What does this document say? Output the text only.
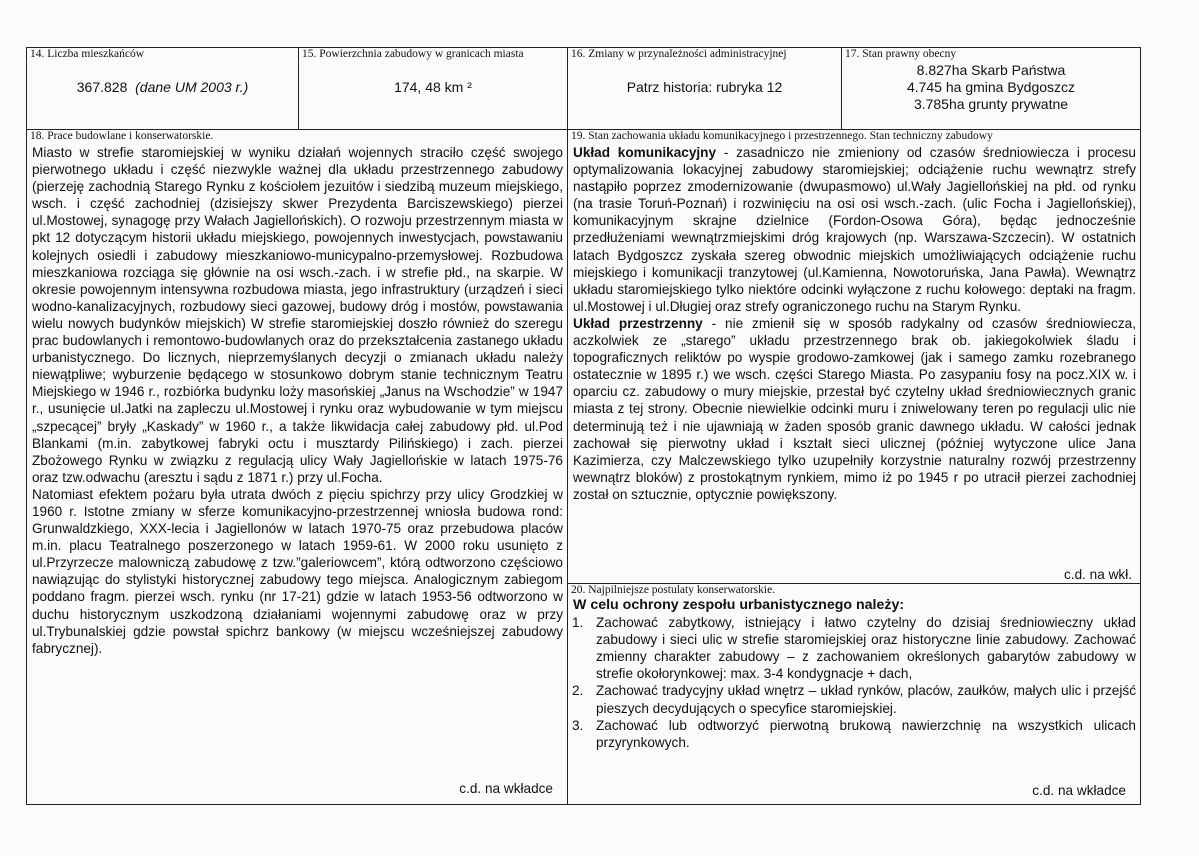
14. Liczba mieszkańców
367.828 (dane UM 2003 r.)
15. Powierzchnia zabudowy w granicach miasta
174, 48 km ²
16. Zmiany w przynależności administracyjnej
Patrz historia: rubryka 12
17. Stan prawny obecny
8.827ha Skarb Państwa
4.745 ha gmina Bydgoszcz
3.785ha grunty prywatne
18. Prace budowlane i konserwatorskie.

Miasto w strefie staromiejskiej w wyniku działań wojennych straciło część swojego pierwotnego układu i część niezwykle ważnej dla układu przestrzennego zabudowy (pierzeję zachodnią Starego Rynku z kościołem jezuitów i siedzibą muzeum miejskiego, wsch. i część zachodniej (dzisiejszy skwer Prezydenta Barciszewskiego) pierzei ul.Mostowej, synagogę przy Wałach Jagiellońskich). O rozwoju przestrzennym miasta w pkt 12 dotyczącym historii układu miejskiego, powojennych inwestycjach, powstawaniu kolejnych osiedli i zabudowy mieszkaniowo-municypalno-przemysłowej. Rozbudowa mieszkaniowa rozciąga się głównie na osi wsch.-zach. i w strefie płd., na skarpie. W okresie powojennym intensywna rozbudowa miasta, jego infrastruktury (urządzeń i sieci wodno-kanalizacyjnych, rozbudowy sieci gazowej, budowy dróg i mostów, powstawania wielu nowych budynków miejskich) W strefie staromiejskiej doszło również do szeregu prac budowlanych i remontowo-budowlanych oraz do przekształcenia zastanego układu urbanistycznego. Do licznych, nieprzemyślanych decyzji o zmianach układu należy niewątpliwe; wyburzenie będącego w stosunkowo dobrym stanie technicznym Teatru Miejskiego w 1946 r., rozbiórka budynku loży masońskiej „Janus na Wschodzie” w 1947 r., usunięcie ul.Jatki na zapleczu ul.Mostowej i rynku oraz wybudowanie w tym miejscu „szpecącej” bryły „Kaskady” w 1960 r., a także likwidacja całej zabudowy płd. ul.Pod Blankami (m.in. zabytkowej fabryki octu i musztardy Pilińskiego) i zach. pierzei Zbożowego Rynku w związku z regulacją ulicy Wały Jagiellońskie w latach 1975-76 oraz tzw.odwachu (aresztu i sądu z 1871 r.) przy ul.Focha.

Natomiast efektem pożaru była utrata dwóch z pięciu spichrzy przy ulicy Grodzkiej w 1960 r. Istotne zmiany w sferze komunikacyjno-przestrzennej wniosła budowa rond: Grunwaldzkiego, XXX-lecia i Jagiellonów w latach 1970-75 oraz przebudowa placów m.in. placu Teatralnego poszerzonego w latach 1959-61. W 2000 roku usunięto z ul.Przyrzecze malowniczą zabudowę z tzw.”galeriowcem”, którą odtworzono częściowo nawiązując do stylistyki historycznej zabudowy tego miejsca. Analogicznym zabiegom poddano fragm. pierzei wsch. rynku (nr 17-21) gdzie w latach 1953-56 odtworzono w duchu historycznym uszkodzoną działaniami wojennymi zabudowę oraz w przy ul.Trybunalskiej gdzie powstał spichrz bankowy (w miejscu wcześniejszej zabudowy fabrycznej).

c.d. na wkładce
19. Stan zachowania układu komunikacyjnego i przestrzennego. Stan techniczny zabudowy

Układ komunikacyjny - zasadniczo nie zmieniony od czasów średniowiecza i procesu optymalizowania lokacyjnej zabudowy staromiejskiej; odciążenie ruchu wewnątrz strefy nastąpiło poprzez zmodernizowanie (dwupasmowo) ul.Wały Jagiellońskiej na płd. od rynku (na trasie Toruń-Poznań) i rozwinięciu na osi osi wsch.-zach. (ulic Focha i Jagiellońskiej), komunikacyjnym skrajne dzielnice (Fordon-Osowa Góra), będąc jednocześnie przedłużeniami wewnątrzmiejskimi dróg krajowych (np. Warszawa-Szczecin). W ostatnich latach Bydgoszcz zyskała szereg obwodnic miejskich umożliwiających odciążenie ruchu miejskiego i komunikacji tranzytowej (ul.Kamienna, Nowotoruńska, Jana Pawła). Wewnątrz układu staromiejskiego tylko niektóre odcinki wyłączone z ruchu kołowego: deptaki na fragm. ul.Mostowej i ul.Długiej oraz strefy ograniczonego ruchu na Starym Rynku.

Układ przestrzenny - nie zmienił się w sposób radykalny od czasów średniowiecza, aczkolwiek ze „starego” układu przestrzennego brak ob. jakiegokolwiek śladu i topograficznych reliktów po wyspie grodowo-zamkowej (jak i samego zamku rozebranego ostatecznie w 1895 r.) we wsch. części Starego Miasta. Po zasypaniu fosy na pocz.XIX w. i oparciu cz. zabudowy o mury miejskie, przestał być czytelny układ średniowiecznych granic miasta z tej strony. Obecnie niewielkie odcinki muru i zniwelowany teren po regulacji ulic nie determinują też i nie ujawniają w żaden sposób granic dawnego układu. W całości jednak zachował się pierwotny układ i kształt sieci ulicznej (później wytyczone ulice Jana Kazimierza, czy Malczewskiego tylko uzupełniły korzystnie naturalny rozwój przestrzenny wewnątrz bloków) z prostokątnym rynkiem, mimo iż po 1945 r po utracił pierzei zachodniej został on sztucznie, optycznie powiększony.

c.d. na wkł.
20. Najpilniejsze postulaty konserwatorskie.
W celu ochrony zespołu urbanistycznego należy:
1. Zachować zabytkowy, istniejący i łatwo czytelny do dzisiaj średniowieczny układ zabudowy i sieci ulic w strefie staromiejskiej oraz historyczne linie zabudowy. Zachować zmienny charakter zabudowy – z zachowaniem określonych gabarytów zabudowy w strefie okołorynkowej: max. 3-4 kondygnacje + dach,
2. Zachować tradycyjny układ wnętrz – układ rynków, placów, zaułków, małych ulic i przejść pieszych decydujących o specyfice staromiejskiej.
3. Zachować lub odtworzyć pierwotną brukową nawierzchnię na wszystkich ulicach przyrynkowych.
c.d. na wkładce
